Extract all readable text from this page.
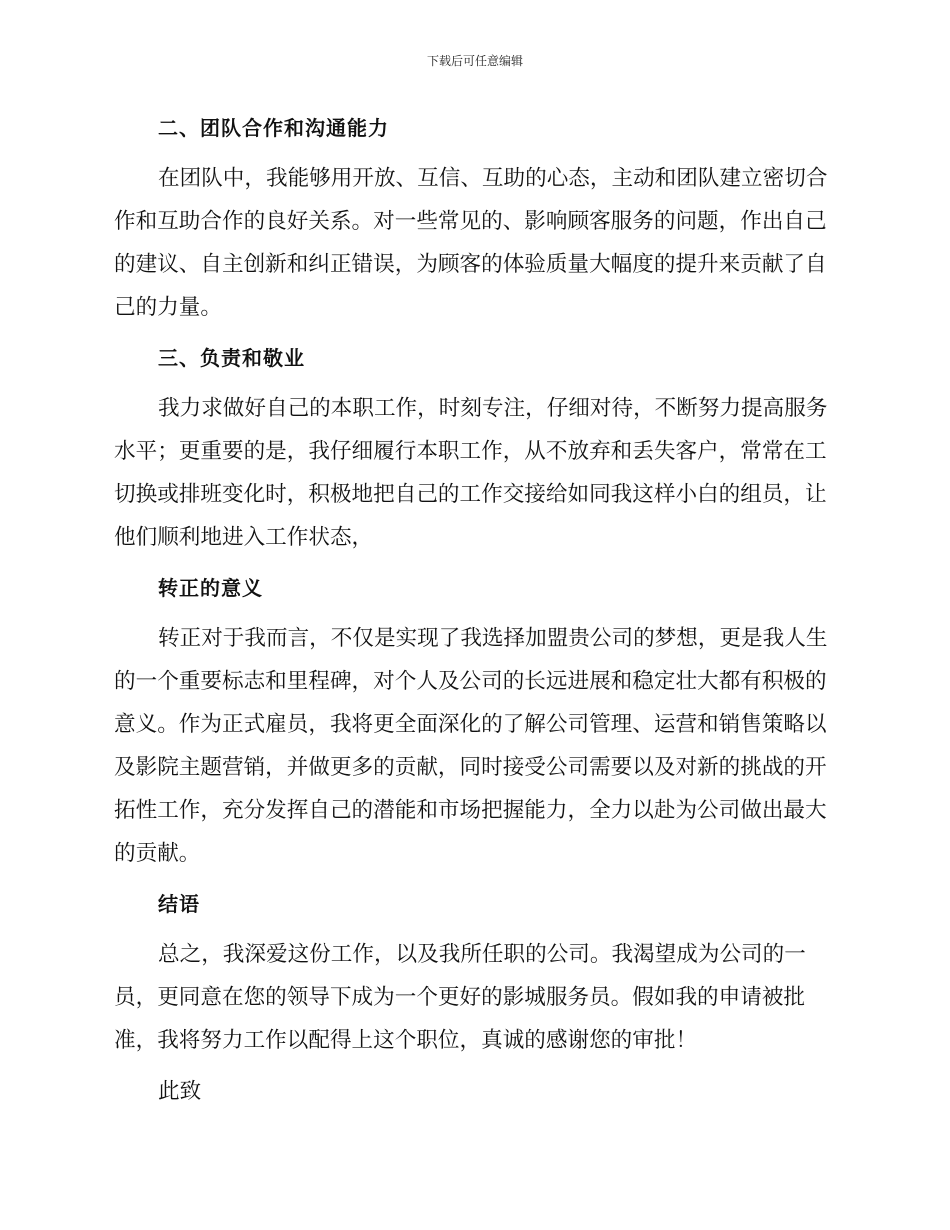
下载后可任意编辑
二、团队合作和沟通能力
在团队中，我能够用开放、互信、互助的心态，主动和团队建立密切合
作和互助合作的良好关系。对一些常见的、影响顾客服务的问题，作出自己
的建议、自主创新和纠正错误，为顾客的体验质量大幅度的提升来贡献了自
己的力量。
三、负责和敬业
我力求做好自己的本职工作，时刻专注，仔细对待，不断努力提高服务
水平；更重要的是，我仔细履行本职工作，从不放弃和丢失客户，常常在工
切换或排班变化时，积极地把自己的工作交接给如同我这样小白的组员，让
他们顺利地进入工作状态，
转正的意义
转正对于我而言，不仅是实现了我选择加盟贵公司的梦想，更是我人生
的一个重要标志和里程碑，对个人及公司的长远进展和稳定壮大都有积极的
意义。作为正式雇员，我将更全面深化的了解公司管理、运营和销售策略以
及影院主题营销，并做更多的贡献，同时接受公司需要以及对新的挑战的开
拓性工作，充分发挥自己的潜能和市场把握能力，全力以赴为公司做出最大
的贡献。
结语
总之，我深爱这份工作，以及我所任职的公司。我渴望成为公司的一
员，更同意在您的领导下成为一个更好的影城服务员。假如我的申请被批
准，我将努力工作以配得上这个职位，真诚的感谢您的审批！
此致
